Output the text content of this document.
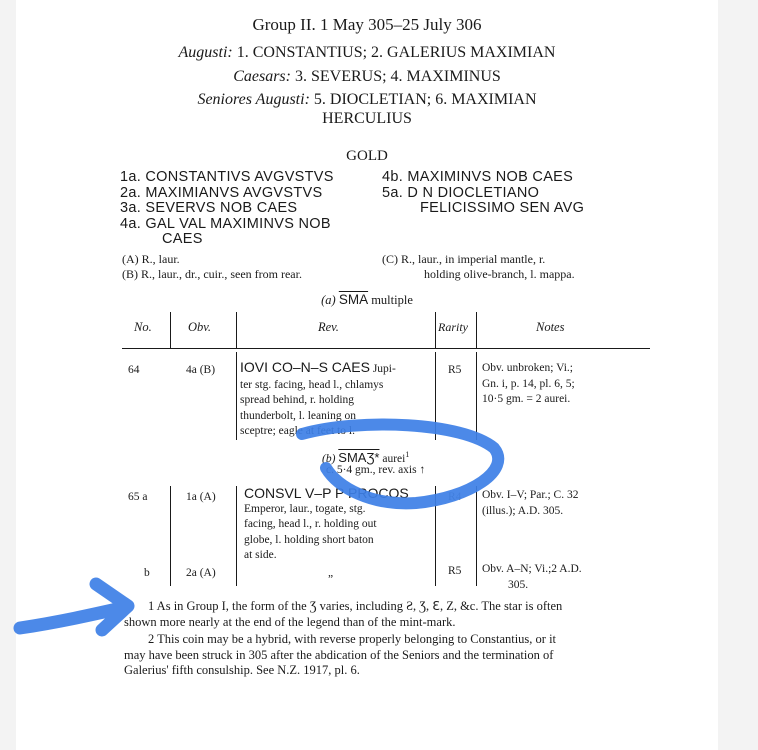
Group II. 1 May 305–25 July 306
Augusti: 1. CONSTANTIUS; 2. GALERIUS MAXIMIAN
Caesars: 3. SEVERUS; 4. MAXIMINUS
Seniores Augusti: 5. DIOCLETIAN; 6. MAXIMIAN
HERCULIUS
GOLD
1a. CONSTANTIVS AVGVSTVS
2a. MAXIMIANVS AVGVSTVS
3a. SEVERVS NOB CAES
4a. GAL VAL MAXIMINVS NOB
CAES
4b. MAXIMINVS NOB CAES
5a. D N DIOCLETIANO
FELICISSIMO SEN AVG
(A) R., laur.
(B) R., laur., dr., cuir., seen from rear.
(C) R., laur., in imperial mantle, r.
holding olive-branch, l. mappa.
(a) $\overline{SMA}$ multiple
No.	Obv.	Rev.	Rarity	Notes
64	4a (B) IOVI CO–N–S CAES Jupi-
ter stg. facing, head l., chlamys
spread behind, r. holding
thunderbolt, l. leaning on
sceptre; eagle at feet to l.
R5 Obv. unbroken; Vi.;
Gn. i, p. 14, pl. 6, 5;
10·5 gm. = 2 aurei.
(b) SMAƷ* aurei$^1$
c. 5·4 gm., rev. axis ↑
65 a	1a (A) CONSVL V–P P PROCOS
Emperor, laur., togate, stg.
facing, head l., r. holding out
globe, l. holding short baton
at side.
R4 Obv. I–V; Par.; C. 32
(illus.); A.D. 305.
b	2a (A)	„	R5 Obv. A–N; Vi.;2 A.D.
305.
1 As in Group I, the form of the Ʒ varies, including Ƨ, Ʒ, ℇ, Z, &c. The star is often
shown more nearly at the end of the legend than of the mint-mark.
2 This coin may be a hybrid, with reverse properly belonging to Constantius, or it
may have been struck in 305 after the abdication of the Seniors and the termination of
Galerius' fifth consulship. See N.Z. 1917, pl. 6.
